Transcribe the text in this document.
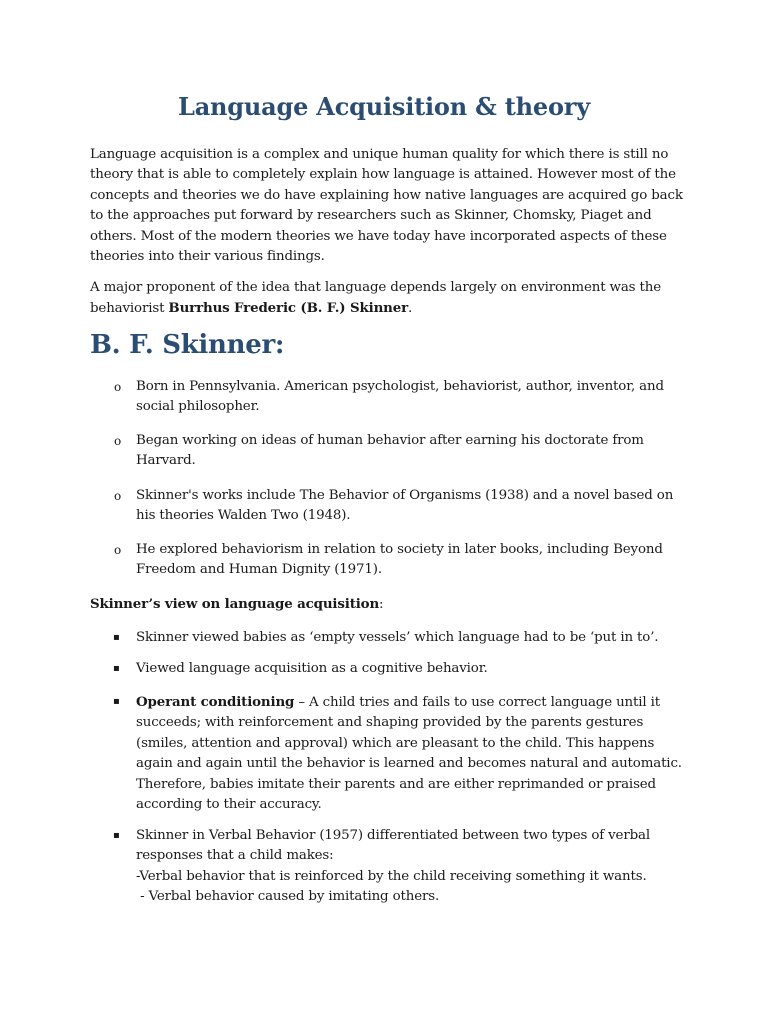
Language Acquisition & theory
Language acquisition is a complex and unique human quality for which there is still no
theory that is able to completely explain how language is attained. However most of the
concepts and theories we do have explaining how native languages are acquired go back
to the approaches put forward by researchers such as Skinner, Chomsky, Piaget and
others. Most of the modern theories we have today have incorporated aspects of these
theories into their various findings.
A major proponent of the idea that language depends largely on environment was the
behaviorist Burrhus Frederic (B. F.) Skinner.
B. F. Skinner:
o Born in Pennsylvania. American psychologist, behaviorist, author, inventor, and
social philosopher.
o Began working on ideas of human behavior after earning his doctorate from
Harvard.
o Skinner's works include The Behavior of Organisms (1938) and a novel based on
his theories Walden Two (1948).
o He explored behaviorism in relation to society in later books, including Beyond
Freedom and Human Dignity (1971).
Skinner’s view on language acquisition:
▪ Skinner viewed babies as ‘empty vessels’ which language had to be ‘put in to’.
▪ Viewed language acquisition as a cognitive behavior.
▪ Operant conditioning – A child tries and fails to use correct language until it
succeeds; with reinforcement and shaping provided by the parents gestures
(smiles, attention and approval) which are pleasant to the child. This happens
again and again until the behavior is learned and becomes natural and automatic.
Therefore, babies imitate their parents and are either reprimanded or praised
according to their accuracy.
▪ Skinner in Verbal Behavior (1957) differentiated between two types of verbal
responses that a child makes:
-Verbal behavior that is reinforced by the child receiving something it wants.
- Verbal behavior caused by imitating others.
